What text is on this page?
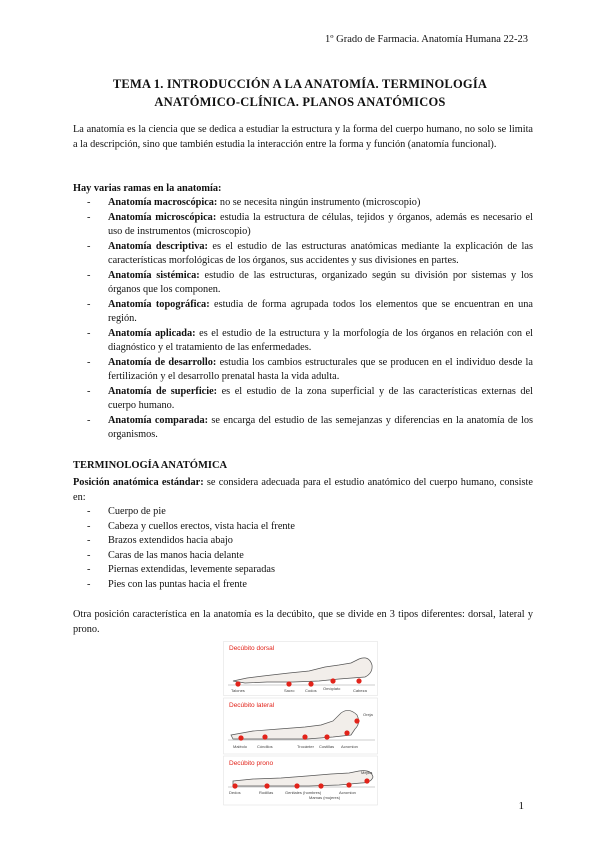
1º Grado de Farmacia. Anatomía Humana 22-23
TEMA 1. INTRODUCCIÓN A LA ANATOMÍA. TERMINOLOGÍA
ANATÓMICO-CLÍNICA. PLANOS ANATÓMICOS
La anatomía es la ciencia que se dedica a estudiar la estructura y la forma del cuerpo humano, no solo se limita a la descripción, sino que también estudia la interacción entre la forma y función (anatomía funcional).
Hay varias ramas en la anatomía:
- Anatomía macroscópica: no se necesita ningún instrumento (microscopio)
- Anatomía microscópica: estudia la estructura de células, tejidos y órganos, además es necesario el uso de instrumentos (microscopio)
- Anatomía descriptiva: es el estudio de las estructuras anatómicas mediante la explicación de las características morfológicas de los órganos, sus accidentes y sus divisiones en partes.
- Anatomía sistémica: estudio de las estructuras, organizado según su división por sistemas y los órganos que los componen.
- Anatomía topográfica: estudia de forma agrupada todos los elementos que se encuentran en una región.
- Anatomía aplicada: es el estudio de la estructura y la morfología de los órganos en relación con el diagnóstico y el tratamiento de las enfermedades.
- Anatomía de desarrollo: estudia los cambios estructurales que se producen en el individuo desde la fertilización y el desarrollo prenatal hasta la vida adulta.
- Anatomía de superficie: es el estudio de la zona superficial y de las características externas del cuerpo humano.
- Anatomía comparada: se encarga del estudio de las semejanzas y diferencias en la anatomía de los organismos.
TERMINOLOGÍA ANATÓMICA
Posición anatómica estándar: se considera adecuada para el estudio anatómico del cuerpo humano, consiste en:
- Cuerpo de pie
- Cabeza y cuellos erectos, vista hacia el frente
- Brazos extendidos hacia abajo
- Caras de las manos hacia delante
- Piernas extendidas, levemente separadas
- Pies con las puntas hacia el frente
Otra posición característica en la anatomía es la decúbito, que se divide en 3 tipos diferentes: dorsal, lateral y prono.
Decúbito dorsal
Talones	Sacro	Codos Omóplato	Cabeza
Decúbito lateral
Maléolo Cóndilos	Trocánter Costillas Acromion
Oreja
Decúbito prono
Dedos	Rodillas	Genitales (hombres)
Mamas (mujeres)
Acromion
Mejilla
1
